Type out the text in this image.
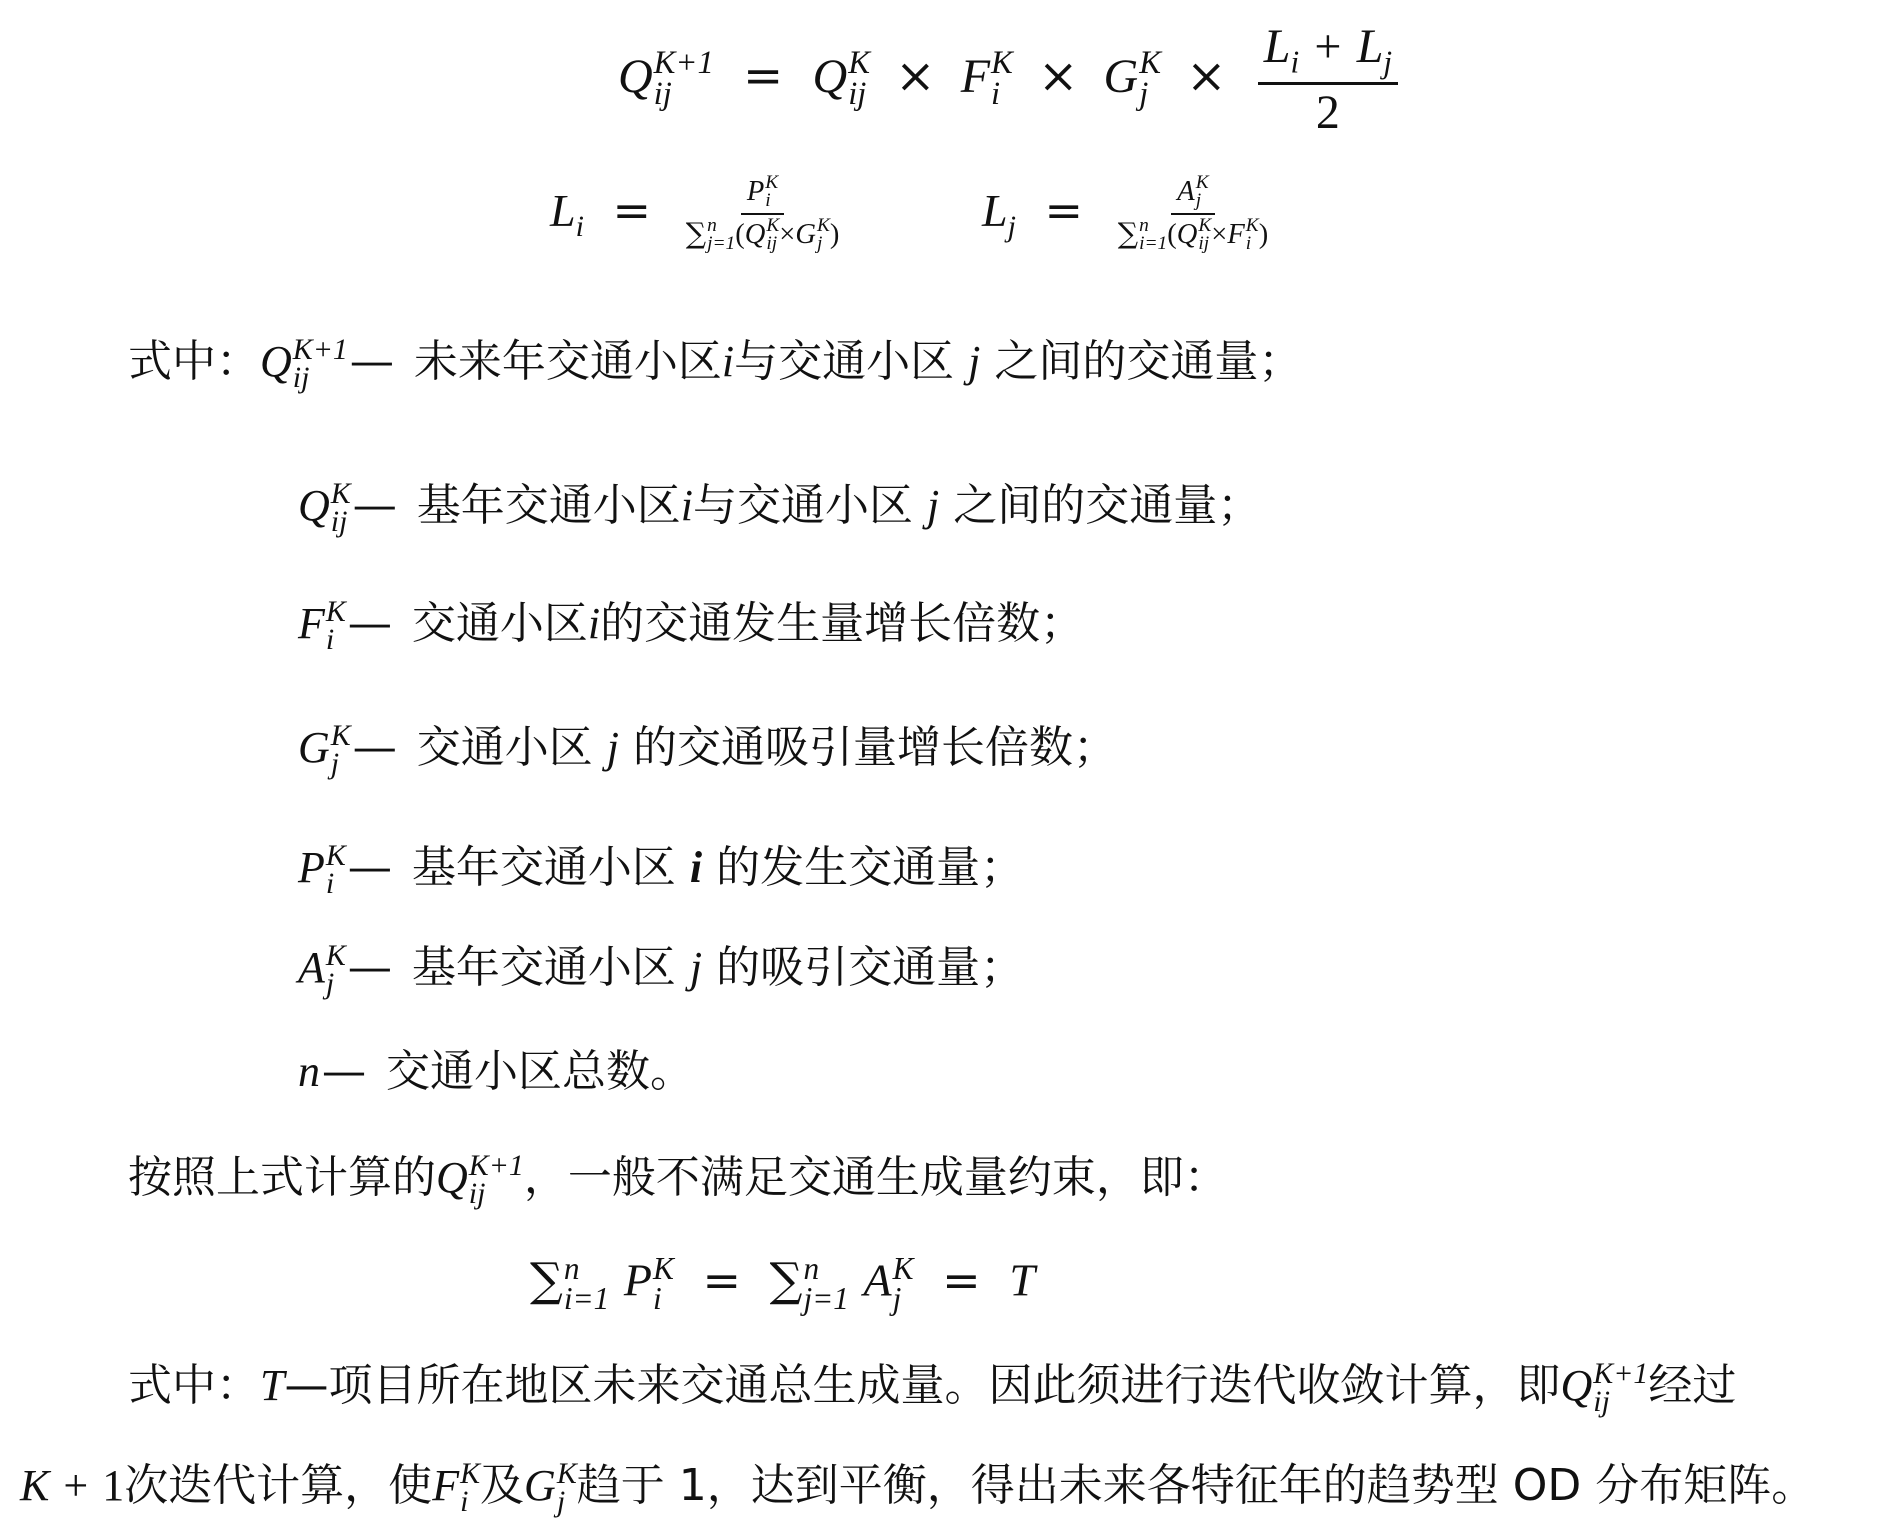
Q K+1
ij	= Q K
ij × F K
i × G K
$j \times \frac{L_i + L_j}{2}$
$L_i = P$ K
i
∑ n
j=1 (Q K
ij ×G K
j )	$L_j = A$ K
j
∑ n
i=1 (Q K
ij ×F K
i )
式中：Q K+1
ij — 未来年交通小区i与交通小区 j 之间的交通量；
Q K
ij — 基年交通小区i与交通小区 j 之间的交通量；
F K
i — 交通小区i的交通发生量增长倍数；
G K
j — 交通小区 j 的交通吸引量增长倍数；
P K
i — 基年交通小区 i 的发生交通量；
A K
j — 基年交通小区 j 的吸引交通量；
n— 交通小区总数。
按照上式计算的Q K+1
ij ，一般不满足交通生成量约束，即：
∑ n
i=1 P K
i = ∑ n
j=1 A K
j = T
式中：T—项目所在地区未来交通总生成量。因此须进行迭代收敛计算，即Q K+1
ij 经过
K + 1次迭代计算，使F K
i 及G K
j 趋于 1，达到平衡，得出未来各特征年的趋势型 OD 分布矩阵。
